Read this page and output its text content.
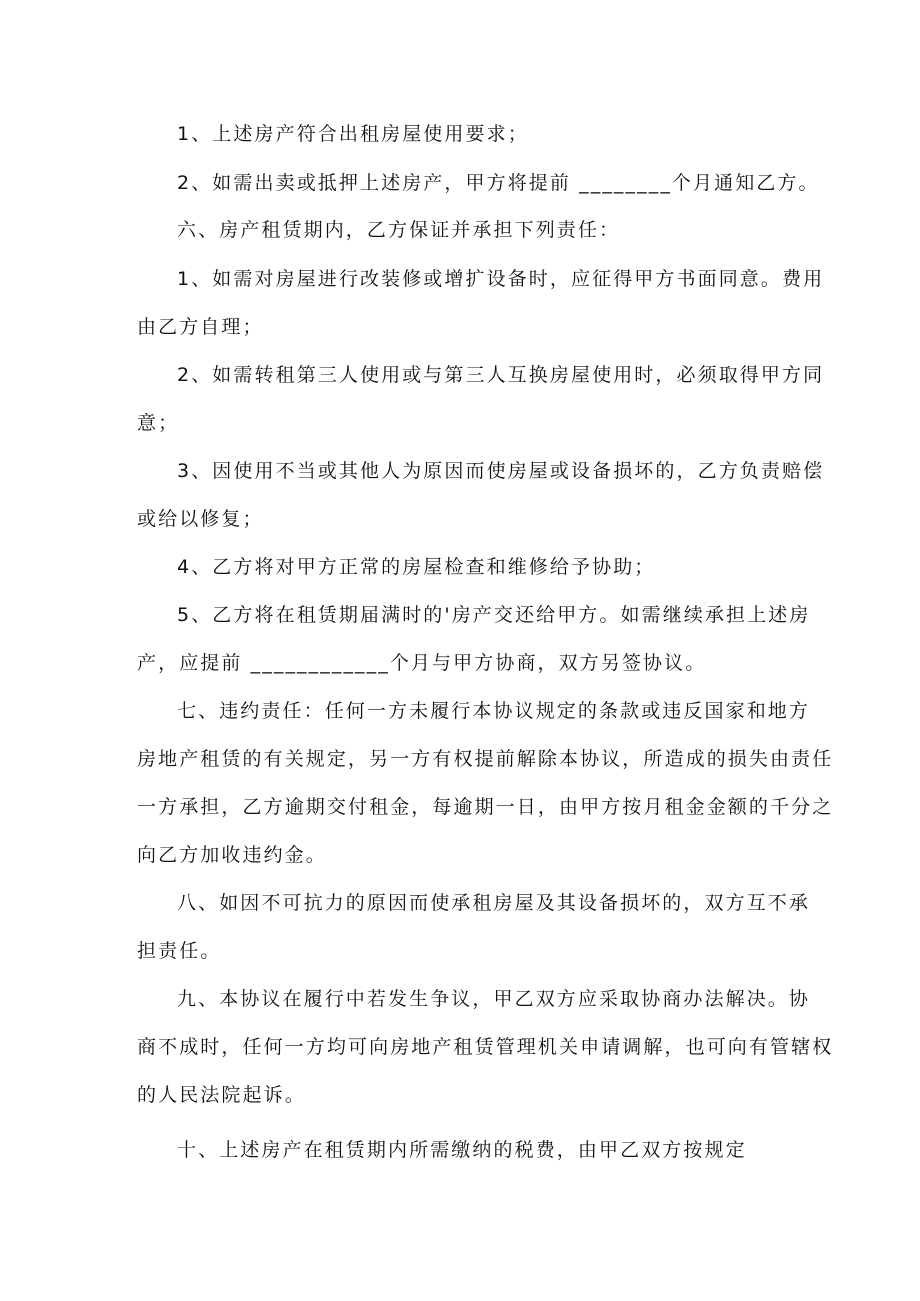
1、上述房产符合出租房屋使用要求；
2、如需出卖或抵押上述房产，甲方将提前 ________个月通知乙方。
六、房产租赁期内，乙方保证并承担下列责任：
1、如需对房屋进行改装修或增扩设备时，应征得甲方书面同意。费用
由乙方自理；
2、如需转租第三人使用或与第三人互换房屋使用时，必须取得甲方同
意；
3、因使用不当或其他人为原因而使房屋或设备损坏的，乙方负责赔偿
或给以修复；
4、乙方将对甲方正常的房屋检查和维修给予协助；
5、乙方将在租赁期届满时的'房产交还给甲方。如需继续承担上述房
产，应提前 ____________个月与甲方协商，双方另签协议。
七、违约责任：任何一方未履行本协议规定的条款或违反国家和地方
房地产租赁的有关规定，另一方有权提前解除本协议，所造成的损失由责任
一方承担，乙方逾期交付租金，每逾期一日，由甲方按月租金金额的千分之
向乙方加收违约金。
八、如因不可抗力的原因而使承租房屋及其设备损坏的，双方互不承
担责任。
九、本协议在履行中若发生争议，甲乙双方应采取协商办法解决。协
商不成时，任何一方均可向房地产租赁管理机关申请调解，也可向有管辖权
的人民法院起诉。
十、上述房产在租赁期内所需缴纳的税费，由甲乙双方按规定
